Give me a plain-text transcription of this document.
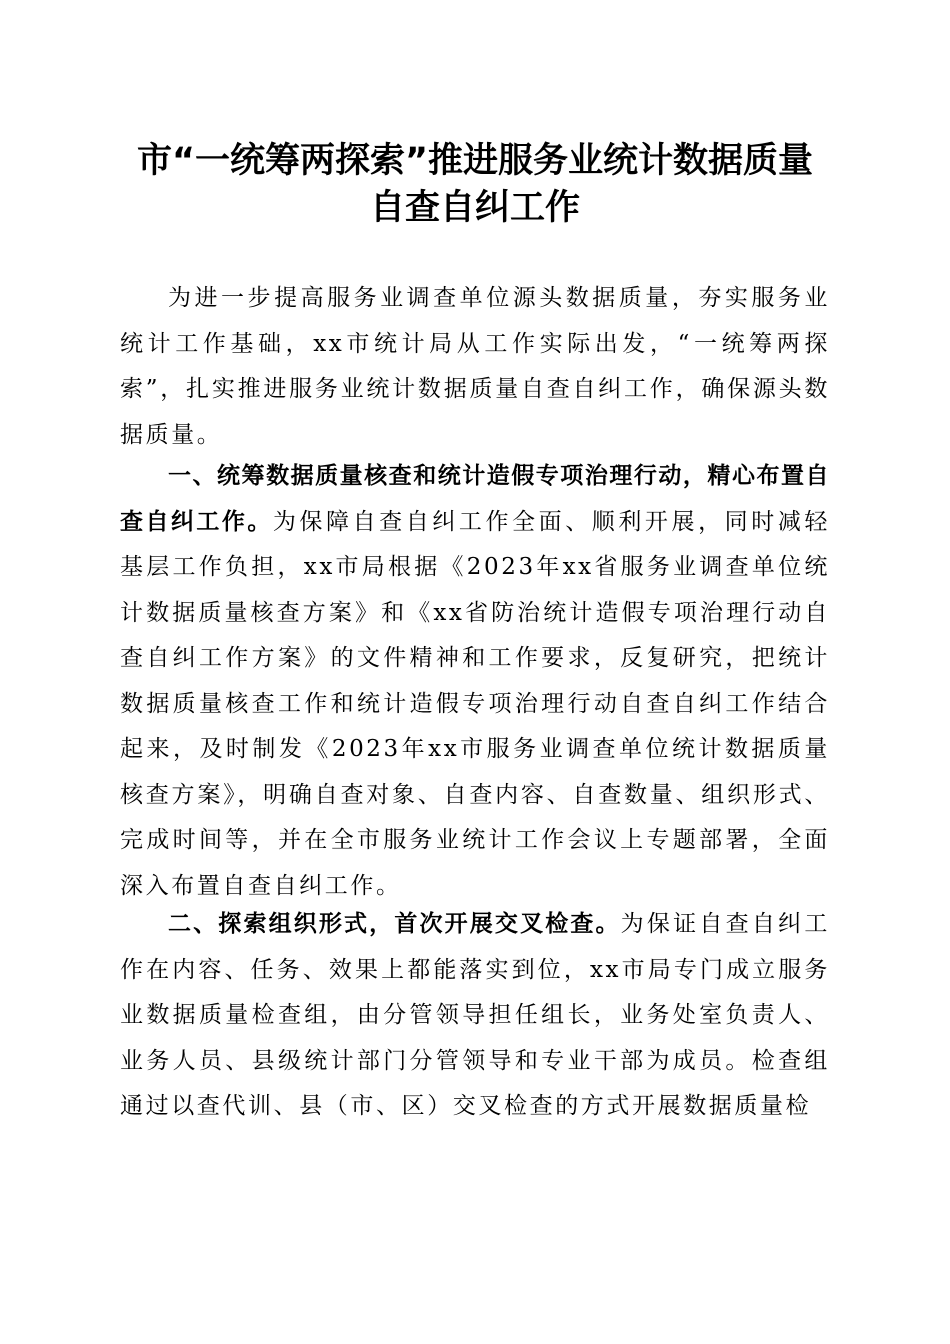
市“一统筹两探索”推进服务业统计数据质量
自查自纠工作

为进一步提高服务业调查单位源头数据质量，夯实服务业统计工作基础，xx市统计局从工作实际出发，“一统筹两探索”，扎实推进服务业统计数据质量自查自纠工作，确保源头数据质量。

一、统筹数据质量核查和统计造假专项治理行动，精心布置自查自纠工作。为保障自查自纠工作全面、顺利开展，同时减轻基层工作负担，xx市局根据《2023年xx省服务业调查单位统计数据质量核查方案》和《xx省防治统计造假专项治理行动自查自纠工作方案》的文件精神和工作要求，反复研究，把统计数据质量核查工作和统计造假专项治理行动自查自纠工作结合起来，及时制发《2023年xx市服务业调查单位统计数据质量核查方案》，明确自查对象、自查内容、自查数量、组织形式、完成时间等，并在全市服务业统计工作会议上专题部署，全面深入布置自查自纠工作。

二、探索组织形式，首次开展交叉检查。为保证自查自纠工作在内容、任务、效果上都能落实到位，xx市局专门成立服务业数据质量检查组，由分管领导担任组长，业务处室负责人、业务人员、县级统计部门分管领导和专业干部为成员。检查组通过以查代训、县（市、区）交叉检查的方式开展数据质量检
